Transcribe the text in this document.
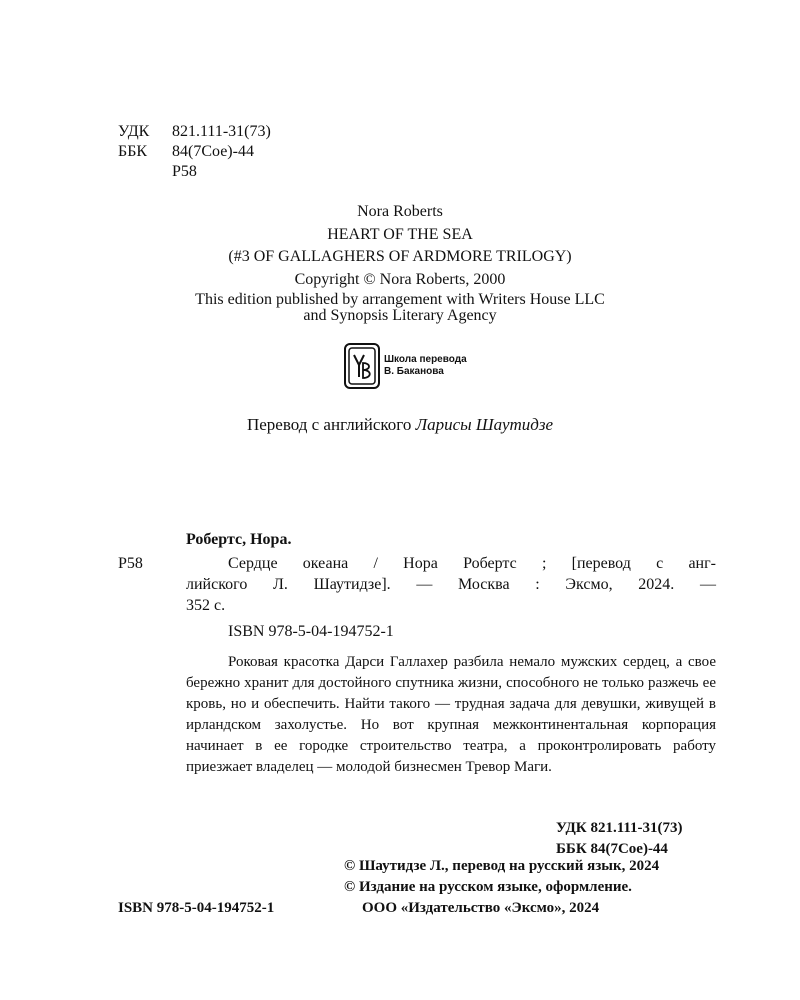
УДК	821.111-31(73)
ББК	84(7Сое)-44
Р58
Nora Roberts
HEART OF THE SEA
(#3 OF GALLAGHERS OF ARDMORE TRILOGY)
Copyright © Nora Roberts, 2000
This edition published by arrangement with Writers House LLC
and Synopsis Literary Agency
Школа перевода
В. Баканова
Перевод с английского Ларисы Шаутидзе
Робертс, Нора.
Р58	Сердце океана / Нора Робертс ; [перевод с анг-
лийского Л. Шаутидзе]. — Москва : Эксмо, 2024. —
352 с.
ISBN 978-5-04-194752-1
Роковая красотка Дарси Галлахер разбила немало мужских сердец, а свое бережно хранит для достойного спутника жизни, способного не только разжечь ее кровь, но и обеспечить. Найти такого — трудная задача для девушки, живущей в ирландском захолустье. Но вот крупная межконтинентальная корпорация начинает в ее городке строительство театра, а проконтролировать работу приезжает владелец — молодой бизнесмен Тревор Маги.
УДК 821.111-31(73)
ББК 84(7Сое)-44
© Шаутидзе Л., перевод на русский язык, 2024
© Издание на русском языке, оформление.
ООО «Издательство «Эксмо», 2024
ISBN 978-5-04-194752-1
